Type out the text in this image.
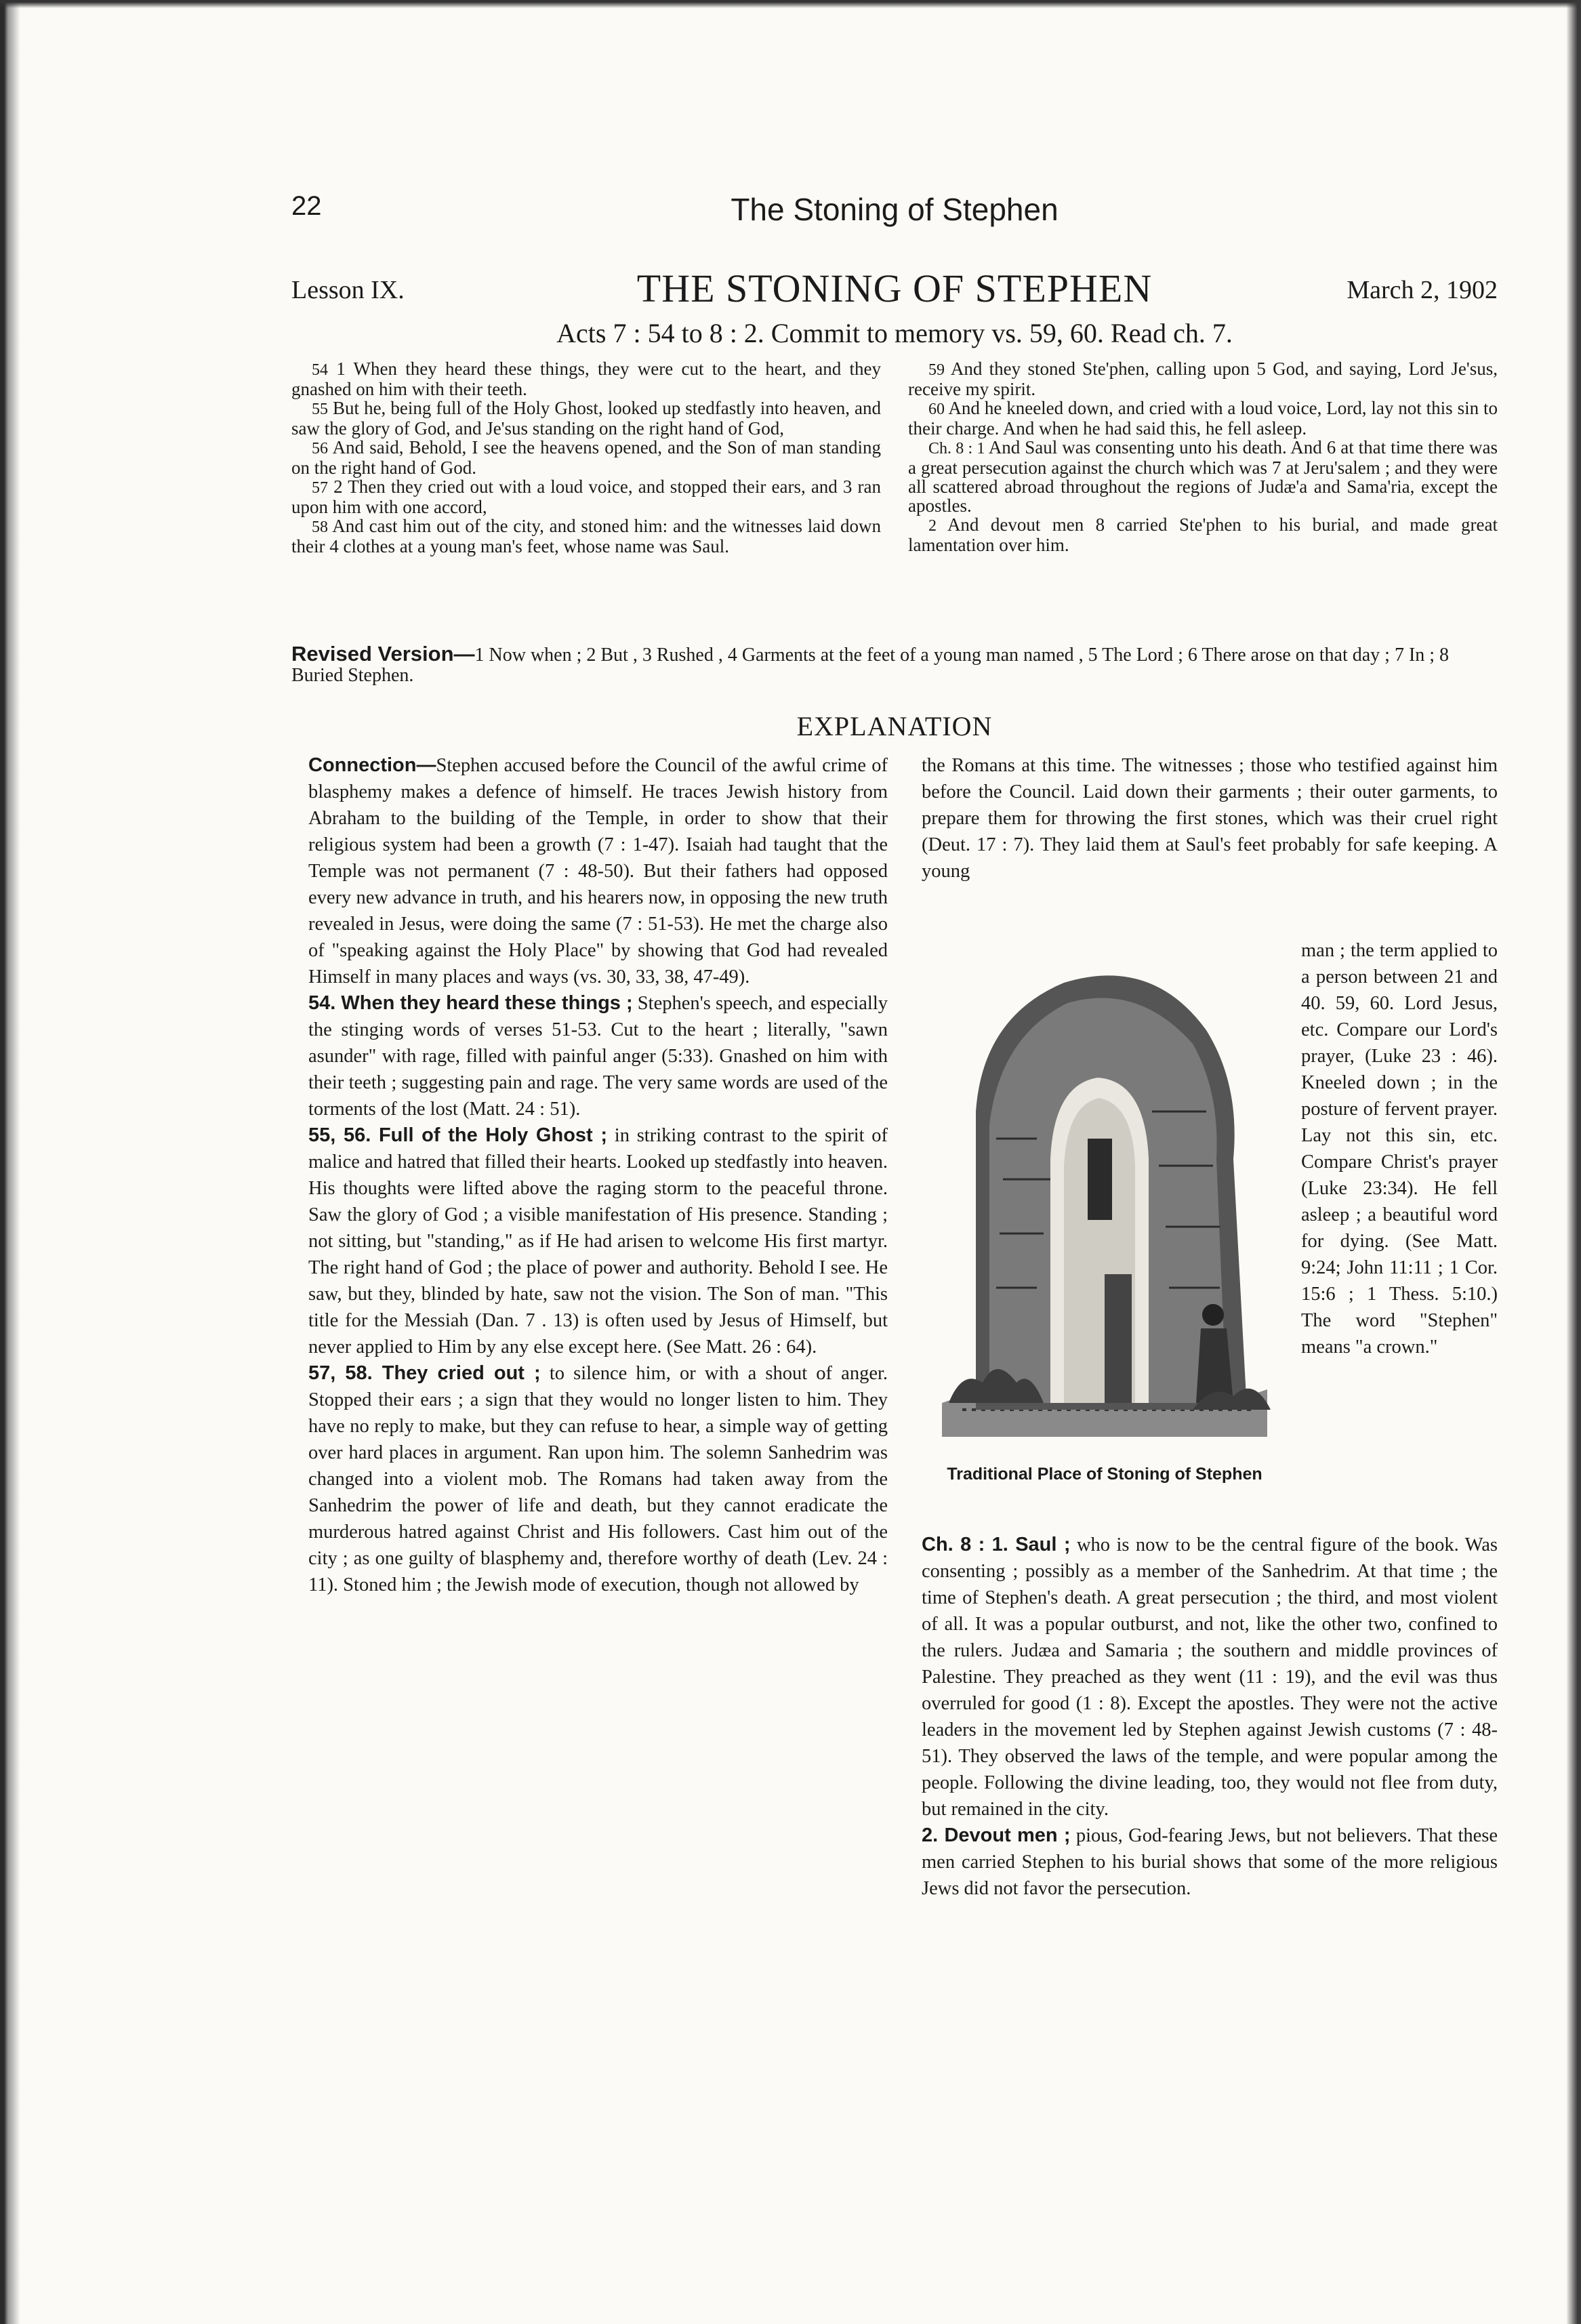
22	The Stoning of Stephen
Lesson IX.	THE STONING OF STEPHEN	March 2, 1902
Acts 7 : 54 to 8 : 2. Commit to memory vs. 59, 60. Read ch. 7.

54 1 When they heard these things, they were cut to the heart, and they gnashed on him with their teeth.

55 But he, being full of the Holy Ghost, looked up stedfastly into heaven, and saw the glory of God, and Je'sus standing on the right hand of God,

56 And said, Behold, I see the heavens opened, and the Son of man standing on the right hand of God.

57 2 Then they cried out with a loud voice, and stopped their ears, and 3 ran upon him with one accord,

58 And cast him out of the city, and stoned him: and the witnesses laid down their 4 clothes at a young man's feet, whose name was Saul.

59 And they stoned Ste'phen, calling upon 5 God, and saying, Lord Je'sus, receive my spirit.

60 And he kneeled down, and cried with a loud voice, Lord, lay not this sin to their charge. And when he had said this, he fell asleep.

Ch. 8 : 1 And Saul was consenting unto his death. And 6 at that time there was a great persecution against the church which was 7 at Jeru'salem ; and they were all scattered abroad throughout the regions of Judæ'a and Sama'ria, except the apostles.

2 And devout men 8 carried Ste'phen to his burial, and made great lamentation over him.

Revised Version—1 Now when ; 2 But , 3 Rushed , 4 Garments at the feet of a young man named , 5 The Lord ; 6 There arose on that day ; 7 In ; 8 Buried Stephen.
EXPLANATION

Connection—Stephen accused before the Council of the awful crime of blasphemy makes a defence of himself. He traces Jewish history from Abraham to the building of the Temple, in order to show that their religious system had been a growth (7 : 1-47). Isaiah had taught that the Temple was not permanent (7 : 48-50). But their fathers had opposed every new advance in truth, and his hearers now, in opposing the new truth revealed in Jesus, were doing the same (7 : 51-53). He met the charge also of "speaking against the Holy Place" by showing that God had revealed Himself in many places and ways (vs. 30, 33, 38, 47-49).

54. When they heard these things ; Stephen's speech, and especially the stinging words of verses 51-53. Cut to the heart ; literally, "sawn asunder" with rage, filled with painful anger (5:33). Gnashed on him with their teeth ; suggesting pain and rage. The very same words are used of the torments of the lost (Matt. 24 : 51).

55, 56. Full of the Holy Ghost ; in striking contrast to the spirit of malice and hatred that filled their hearts. Looked up stedfastly into heaven. His thoughts were lifted above the raging storm to the peaceful throne. Saw the glory of God ; a visible manifestation of His presence. Standing ; not sitting, but "standing," as if He had arisen to welcome His first martyr. The right hand of God ; the place of power and authority. Behold I see. He saw, but they, blinded by hate, saw not the vision. The Son of man. "This title for the Messiah (Dan. 7 . 13) is often used by Jesus of Himself, but never applied to Him by any else except here. (See Matt. 26 : 64).

57, 58. They cried out ; to silence him, or with a shout of anger. Stopped their ears ; a sign that they would no longer listen to him. They have no reply to make, but they can refuse to hear, a simple way of getting over hard places in argument. Ran upon him. The solemn Sanhedrim was changed into a violent mob. The Romans had taken away from the Sanhedrim the power of life and death, but they cannot eradicate the murderous hatred against Christ and His followers. Cast him out of the city ; as one guilty of blasphemy and, therefore worthy of death (Lev. 24 : 11). Stoned him ; the Jewish mode of execution, though not allowed by

the Romans at this time. The witnesses ; those who testified against him before the Council. Laid down their garments ; their outer garments, to prepare them for throwing the first stones, which was their cruel right (Deut. 17 : 7). They laid them at Saul's feet probably for safe keeping. A young
Traditional Place of Stoning of Stephen
man ; the term applied to a person between 21 and 40. 59, 60. Lord Jesus, etc. Compare our Lord's prayer, (Luke 23 : 46). Kneeled down ; in the posture of fervent prayer. Lay not this sin, etc. Compare Christ's prayer (Luke 23:34). He fell asleep ; a beautiful word for dying. (See Matt. 9:24; John 11:11 ; 1 Cor. 15:6 ; 1 Thess. 5:10.) The word "Stephen" means "a crown."

Ch. 8 : 1. Saul ; who is now to be the central figure of the book. Was consenting ; possibly as a member of the Sanhedrim. At that time ; the time of Stephen's death. A great persecution ; the third, and most violent of all. It was a popular outburst, and not, like the other two, confined to the rulers. Judæa and Samaria ; the southern and middle provinces of Palestine. They preached as they went (11 : 19), and the evil was thus overruled for good (1 : 8). Except the apostles. They were not the active leaders in the movement led by Stephen against Jewish customs (7 : 48-51). They observed the laws of the temple, and were popular among the people. Following the divine leading, too, they would not flee from duty, but remained in the city.

2. Devout men ; pious, God-fearing Jews, but not believers. That these men carried Stephen to his burial shows that some of the more religious Jews did not favor the persecution.
